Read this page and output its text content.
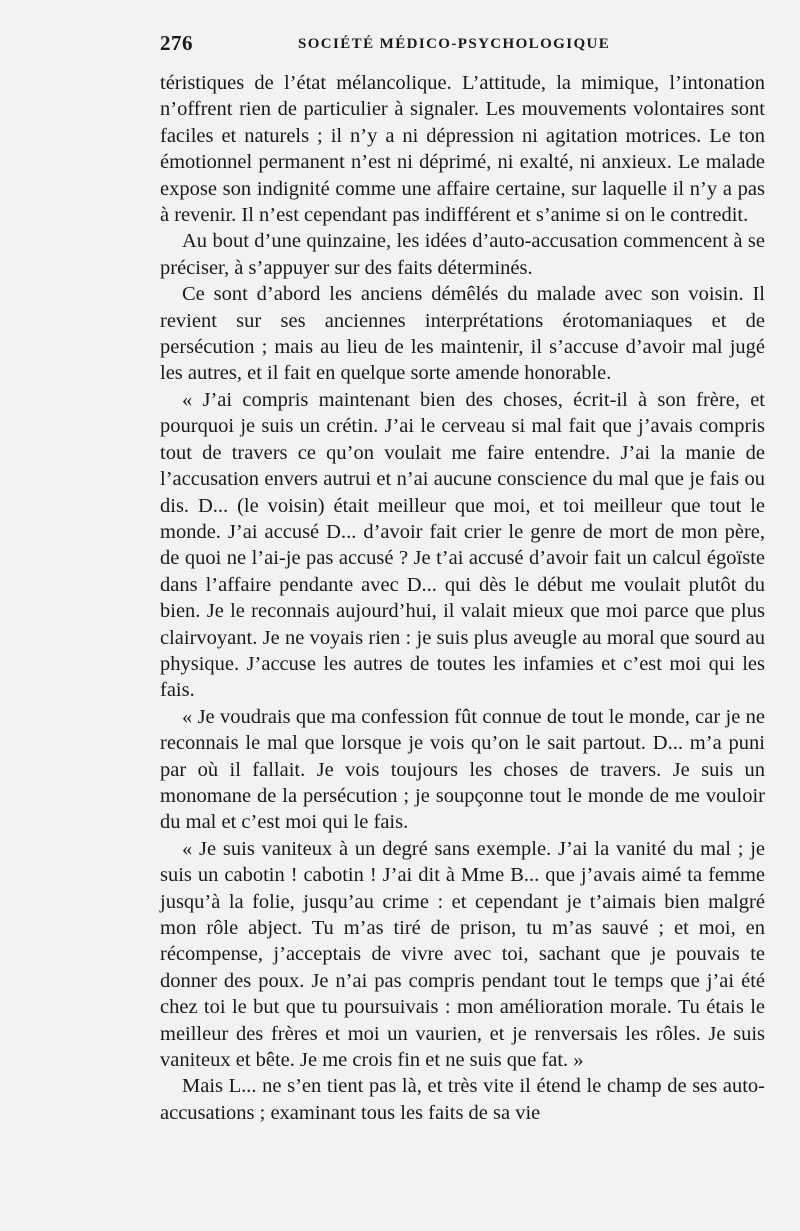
276	SOCIÉTÉ MÉDICO-PSYCHOLOGIQUE

téristiques de l’état mélancolique. L’attitude, la mimique, l’intonation n’offrent rien de particulier à signaler. Les mouvements volontaires sont faciles et naturels ; il n’y a ni dépression ni agitation motrices. Le ton émotionnel permanent n’est ni déprimé, ni exalté, ni anxieux. Le malade expose son indignité comme une affaire certaine, sur laquelle il n’y a pas à revenir. Il n’est cependant pas indifférent et s’anime si on le contredit.

Au bout d’une quinzaine, les idées d’auto-accusation commencent à se préciser, à s’appuyer sur des faits déterminés.

Ce sont d’abord les anciens démêlés du malade avec son voisin. Il revient sur ses anciennes interprétations érotomaniaques et de persécution ; mais au lieu de les maintenir, il s’accuse d’avoir mal jugé les autres, et il fait en quelque sorte amende honorable.

« J’ai compris maintenant bien des choses, écrit-il à son frère, et pourquoi je suis un crétin. J’ai le cerveau si mal fait que j’avais compris tout de travers ce qu’on voulait me faire entendre. J’ai la manie de l’accusation envers autrui et n’ai aucune conscience du mal que je fais ou dis. D... (le voisin) était meilleur que moi, et toi meilleur que tout le monde. J’ai accusé D... d’avoir fait crier le genre de mort de mon père, de quoi ne l’ai-je pas accusé ? Je t’ai accusé d’avoir fait un calcul égoïste dans l’affaire pendante avec D... qui dès le début me voulait plutôt du bien. Je le reconnais aujourd’hui, il valait mieux que moi parce que plus clairvoyant. Je ne voyais rien : je suis plus aveugle au moral que sourd au physique. J’accuse les autres de toutes les infamies et c’est moi qui les fais.

« Je voudrais que ma confession fût connue de tout le monde, car je ne reconnais le mal que lorsque je vois qu’on le sait partout. D... m’a puni par où il fallait. Je vois toujours les choses de travers. Je suis un monomane de la persécution ; je soupçonne tout le monde de me vouloir du mal et c’est moi qui le fais.

« Je suis vaniteux à un degré sans exemple. J’ai la vanité du mal ; je suis un cabotin ! cabotin ! J’ai dit à Mme B... que j’avais aimé ta femme jusqu’à la folie, jusqu’au crime : et cependant je t’aimais bien malgré mon rôle abject. Tu m’as tiré de prison, tu m’as sauvé ; et moi, en récompense, j’acceptais de vivre avec toi, sachant que je pouvais te donner des poux. Je n’ai pas compris pendant tout le temps que j’ai été chez toi le but que tu poursuivais : mon amélioration morale. Tu étais le meilleur des frères et moi un vaurien, et je renversais les rôles. Je suis vaniteux et bête. Je me crois fin et ne suis que fat. »

Mais L... ne s’en tient pas là, et très vite il étend le champ de ses auto-accusations ; examinant tous les faits de sa vie
